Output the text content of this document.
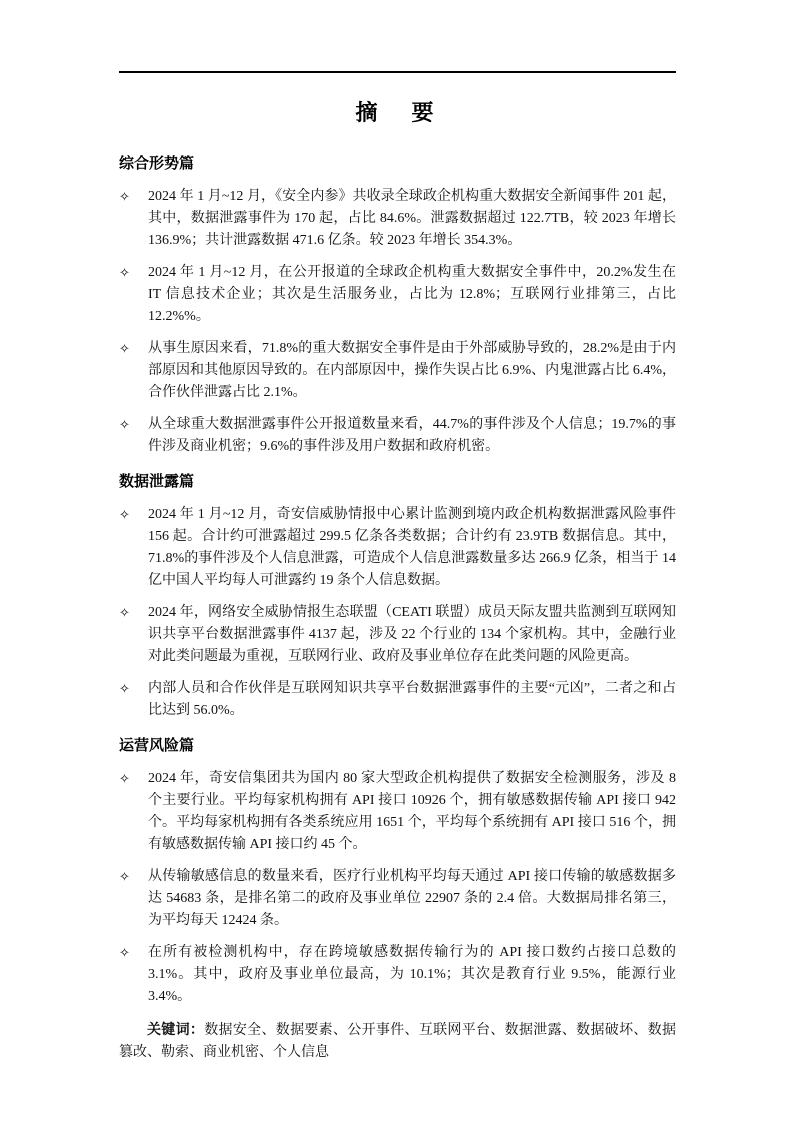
摘　要
综合形势篇
✧	2024 年 1 月~12 月，《安全内参》共收录全球政企机构重大数据安全新闻事件 201 起，其中，数据泄露事件为 170 起，占比 84.6%。泄露数据超过 122.7TB，较 2023 年增长 136.9%；共计泄露数据 471.6 亿条。较 2023 年增长 354.3%。

✧	2024 年 1 月~12 月，在公开报道的全球政企机构重大数据安全事件中，20.2%发生在 IT 信息技术企业；其次是生活服务业，占比为 12.8%；互联网行业排第三，占比 12.2%%。

✧	从事生原因来看，71.8%的重大数据安全事件是由于外部威胁导致的，28.2%是由于内部原因和其他原因导致的。在内部原因中，操作失误占比 6.9%、内鬼泄露占比 6.4%，合作伙伴泄露占比 2.1%。

✧	从全球重大数据泄露事件公开报道数量来看，44.7%的事件涉及个人信息；19.7%的事件涉及商业机密；9.6%的事件涉及用户数据和政府机密。

数据泄露篇
✧	2024 年 1 月~12 月，奇安信威胁情报中心累计监测到境内政企机构数据泄露风险事件 156 起。合计约可泄露超过 299.5 亿条各类数据；合计约有 23.9TB 数据信息。其中，71.8%的事件涉及个人信息泄露，可造成个人信息泄露数量多达 266.9 亿条，相当于 14 亿中国人平均每人可泄露约 19 条个人信息数据。

✧	2024 年，网络安全威胁情报生态联盟（CEATI 联盟）成员天际友盟共监测到互联网知识共享平台数据泄露事件 4137 起，涉及 22 个行业的 134 个家机构。其中，金融行业对此类问题最为重视，互联网行业、政府及事业单位存在此类问题的风险更高。

✧	内部人员和合作伙伴是互联网知识共享平台数据泄露事件的主要“元凶”，二者之和占比达到 56.0%。

运营风险篇
✧	2024 年，奇安信集团共为国内 80 家大型政企机构提供了数据安全检测服务，涉及 8 个主要行业。平均每家机构拥有 API 接口 10926 个，拥有敏感数据传输 API 接口 942 个。平均每家机构拥有各类系统应用 1651 个，平均每个系统拥有 API 接口 516 个，拥有敏感数据传输 API 接口约 45 个。

✧	从传输敏感信息的数量来看，医疗行业机构平均每天通过 API 接口传输的敏感数据多达 54683 条，是排名第二的政府及事业单位 22907 条的 2.4 倍。大数据局排名第三，为平均每天 12424 条。

✧	在所有被检测机构中，存在跨境敏感数据传输行为的 API 接口数约占接口总数的 3.1%。其中，政府及事业单位最高，为 10.1%；其次是教育行业 9.5%，能源行业 3.4%。

关键词：数据安全、数据要素、公开事件、互联网平台、数据泄露、数据破坏、数据篡改、勒索、商业机密、个人信息
